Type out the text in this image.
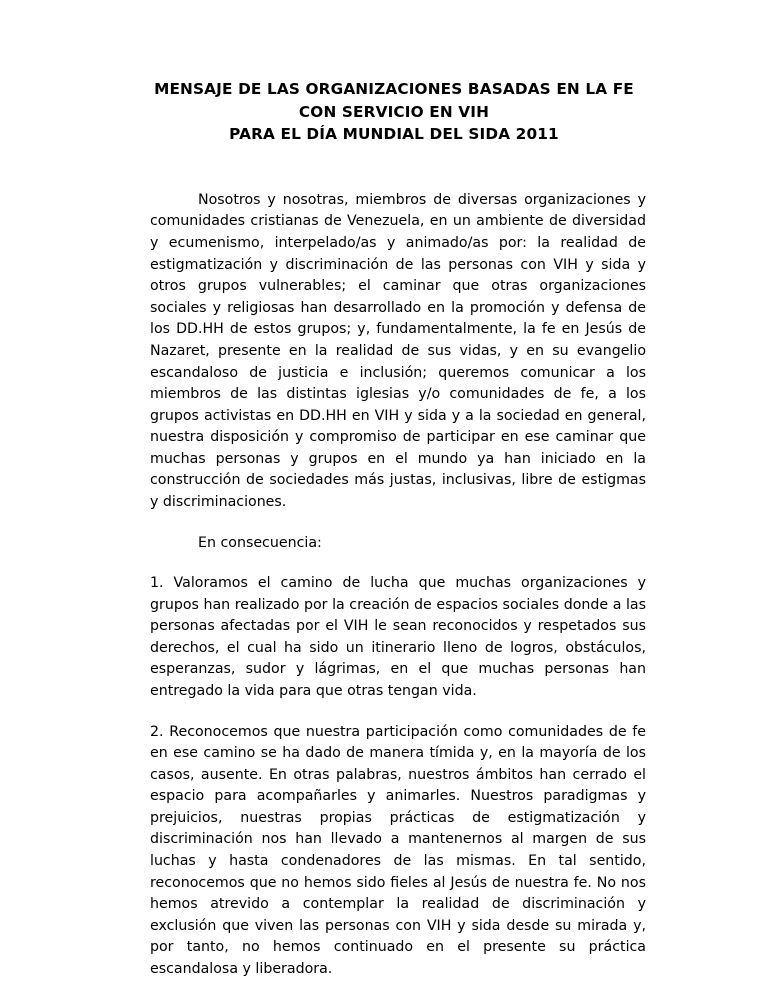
MENSAJE DE LAS ORGANIZACIONES BASADAS EN LA FE
CON SERVICIO EN VIH
PARA EL DÍA MUNDIAL DEL SIDA 2011

Nosotros y nosotras, miembros de diversas organizaciones y comunidades cristianas de Venezuela, en un ambiente de diversidad y ecumenismo, interpelado/as y animado/as por: la realidad de estigmatización y discriminación de las personas con VIH y sida y otros grupos vulnerables; el caminar que otras organizaciones sociales y religiosas han desarrollado en la promoción y defensa de los DD.HH de estos grupos; y, fundamentalmente, la fe en Jesús de Nazaret, presente en la realidad de sus vidas, y en su evangelio escandaloso de justicia e inclusión; queremos comunicar a los miembros de las distintas iglesias y/o comunidades de fe, a los grupos activistas en DD.HH en VIH y sida y a la sociedad en general, nuestra disposición y compromiso de participar en ese caminar que muchas personas y grupos en el mundo ya han iniciado en la construcción de sociedades más justas, inclusivas, libre de estigmas y discriminaciones.

En consecuencia:

1. Valoramos el camino de lucha que muchas organizaciones y grupos han realizado por la creación de espacios sociales donde a las personas afectadas por el VIH le sean reconocidos y respetados sus derechos, el cual ha sido un itinerario lleno de logros, obstáculos, esperanzas, sudor y lágrimas, en el que muchas personas han entregado la vida para que otras tengan vida.

2. Reconocemos que nuestra participación como comunidades de fe en ese camino se ha dado de manera tímida y, en la mayoría de los casos, ausente. En otras palabras, nuestros ámbitos han cerrado el espacio para acompañarles y animarles. Nuestros paradigmas y prejuicios, nuestras propias prácticas de estigmatización y discriminación nos han llevado a mantenernos al margen de sus luchas y hasta condenadores de las mismas. En tal sentido, reconocemos que no hemos sido fieles al Jesús de nuestra fe. No nos hemos atrevido a contemplar la realidad de discriminación y exclusión que viven las personas con VIH y sida desde su mirada y, por tanto, no hemos continuado en el presente su práctica escandalosa y liberadora.
